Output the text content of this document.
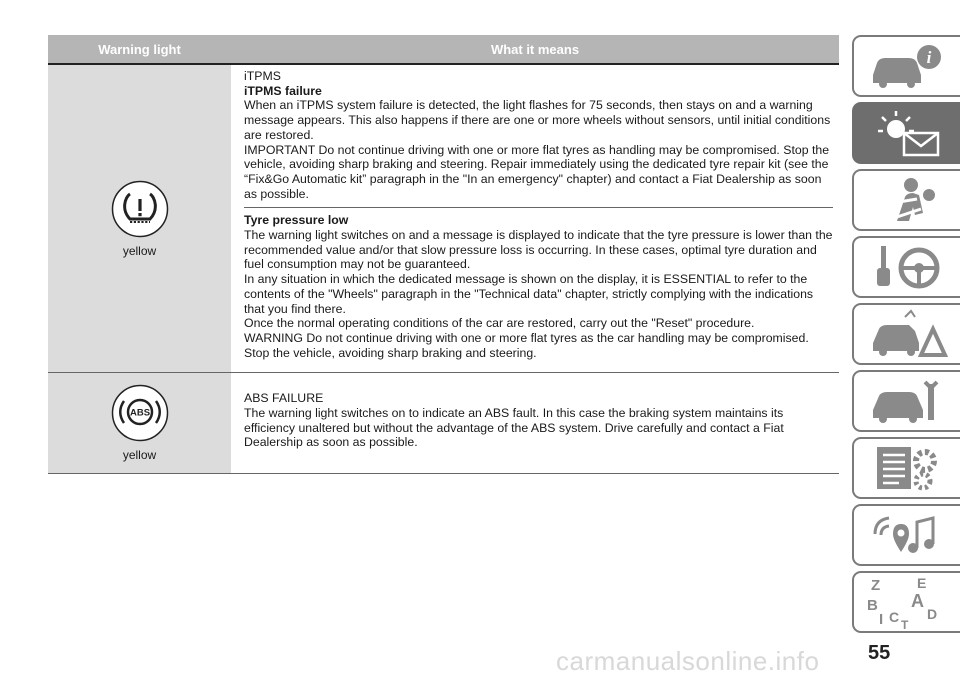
Warning light	What it means
yellow
iTPMS
iTPMS failure
When an iTPMS system failure is detected, the light flashes for 75 seconds, then stays on and a warning message appears. This also happens if there are one or more wheels without sensors, until initial conditions are restored.
IMPORTANT Do not continue driving with one or more flat tyres as handling may be compromised. Stop the vehicle, avoiding sharp braking and steering. Repair immediately using the dedicated tyre repair kit (see the “Fix&Go Automatic kit” paragraph in the "In an emergency" chapter) and contact a Fiat Dealership as soon as possible.
Tyre pressure low
The warning light switches on and a message is displayed to indicate that the tyre pressure is lower than the recommended value and/or that slow pressure loss is occurring. In these cases, optimal tyre duration and fuel consumption may not be guaranteed.
In any situation in which the dedicated message is shown on the display, it is ESSENTIAL to refer to the contents of the "Wheels" paragraph in the "Technical data" chapter, strictly complying with the indications that you find there.
Once the normal operating conditions of the car are restored, carry out the "Reset" procedure.
WARNING Do not continue driving with one or more flat tyres as the car handling may be compromised. Stop the vehicle, avoiding sharp braking and steering.
ABS
yellow
ABS FAILURE
The warning light switches on to indicate an ABS fault. In this case the braking system maintains its efficiency unaltered but without the advantage of the ABS system. Drive carefully and contact a Fiat Dealership as soon as possible.
i
Z	E
A
B
C D
I T
55
carmanualsonline.info
